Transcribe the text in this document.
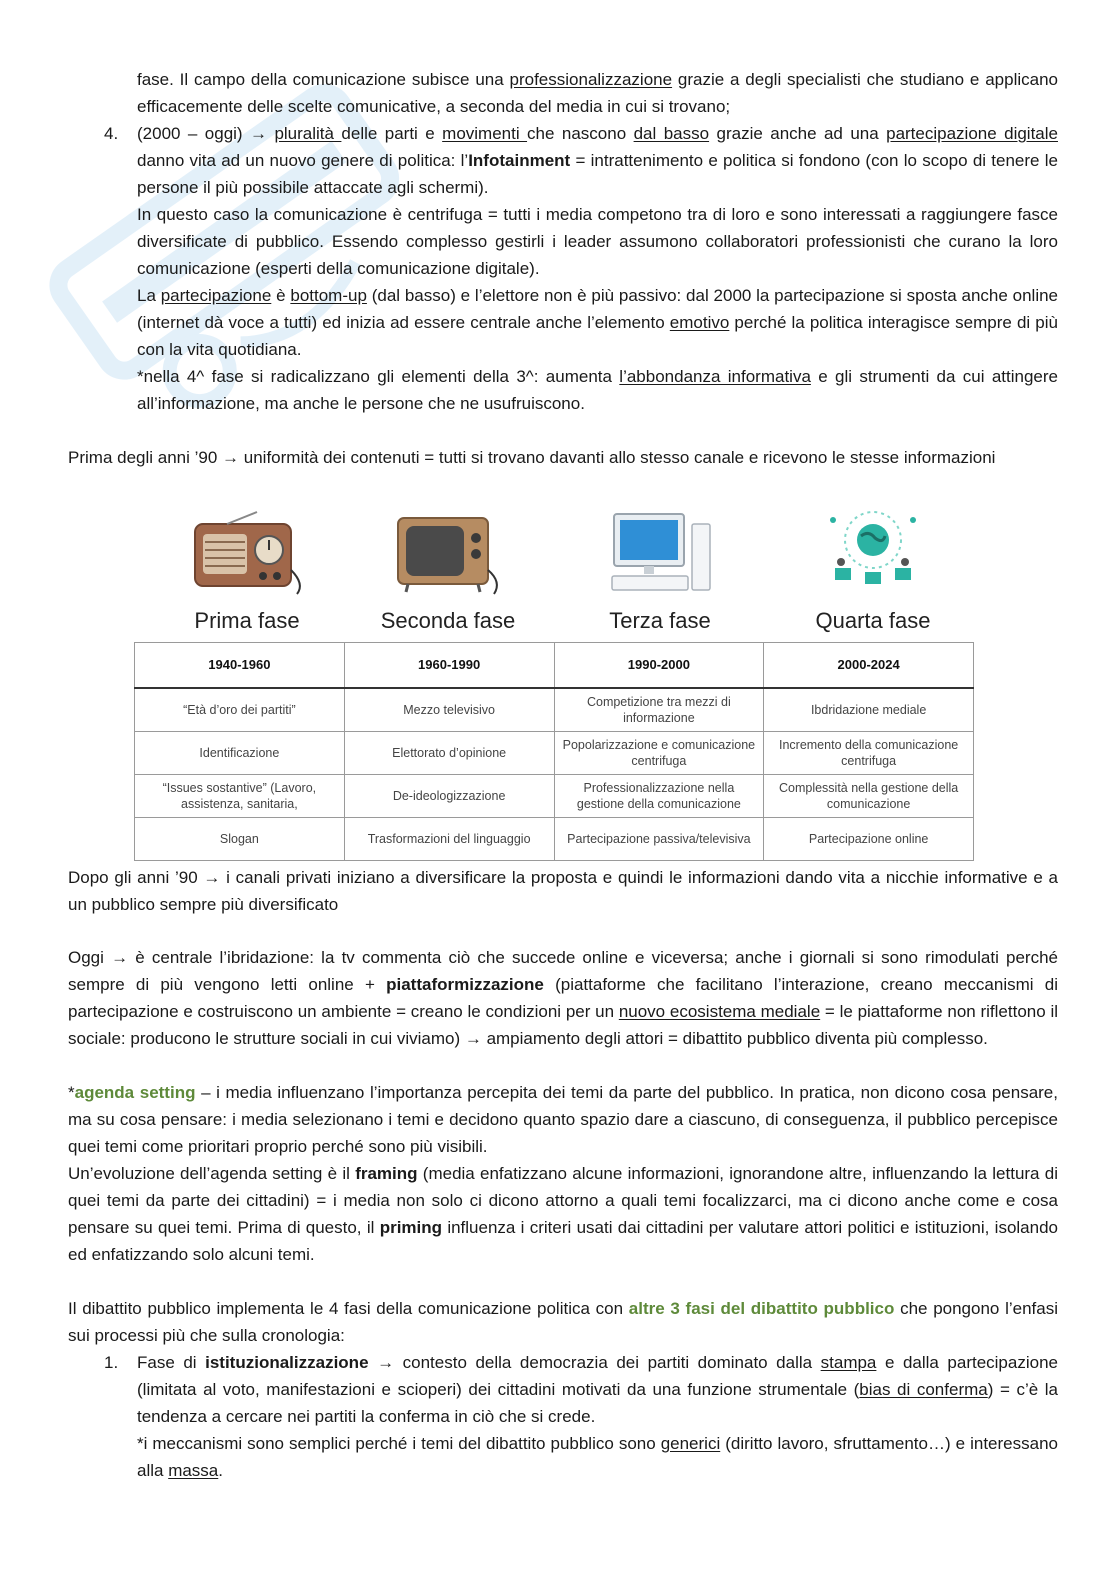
fase. Il campo della comunicazione subisce una professionalizzazione grazie a degli specialisti che studiano e applicano efficacemente delle scelte comunicative, a seconda del media in cui si trovano;
4. (2000 – oggi) → pluralità delle parti e movimenti che nascono dal basso grazie anche ad una partecipazione digitale danno vita ad un nuovo genere di politica: l’Infotainment = intrattenimento e politica si fondono (con lo scopo di tenere le persone il più possibile attaccate agli schermi).
In questo caso la comunicazione è centrifuga = tutti i media competono tra di loro e sono interessati a raggiungere fasce diversificate di pubblico. Essendo complesso gestirli i leader assumono collaboratori professionisti che curano la loro comunicazione (esperti della comunicazione digitale).
La partecipazione è bottom-up (dal basso) e l’elettore non è più passivo: dal 2000 la partecipazione si sposta anche online (internet dà voce a tutti) ed inizia ad essere centrale anche l’elemento emotivo perché la politica interagisce sempre di più con la vita quotidiana.
*nella 4^ fase si radicalizzano gli elementi della 3^: aumenta l’abbondanza informativa e gli strumenti da cui attingere all’informazione, ma anche le persone che ne usufruiscono.
Prima degli anni ’90 → uniformità dei contenuti = tutti si trovano davanti allo stesso canale e ricevono le stesse informazioni
Prima fase	Seconda fase	Terza fase	Quarta fase
1940-1960	1960-1990	1990-2000	2000-2024
“Età d’oro dei partiti”	Mezzo televisivo	Competizione tra mezzi di informazione	Ibdridazione mediale
Identificazione	Elettorato d’opinione	Popolarizzazione e comunicazione centrifuga	Incremento della comunicazione centrifuga
“Issues sostantive” (Lavoro, assistenza, sanitaria,	De-ideologizzazione	Professionalizzazione nella gestione della comunicazione	Complessità nella gestione della comunicazione
Slogan	Trasformazioni del linguaggio	Partecipazione passiva/televisiva	Partecipazione online
Dopo gli anni ’90 → i canali privati iniziano a diversificare la proposta e quindi le informazioni dando vita a nicchie informative e a un pubblico sempre più diversificato
Oggi → è centrale l’ibridazione: la tv commenta ciò che succede online e viceversa; anche i giornali si sono rimodulati perché sempre di più vengono letti online + piattaformizzazione (piattaforme che facilitano l’interazione, creano meccanismi di partecipazione e costruiscono un ambiente = creano le condizioni per un nuovo ecosistema mediale = le piattaforme non riflettono il sociale: producono le strutture sociali in cui viviamo) → ampiamento degli attori = dibattito pubblico diventa più complesso.
*agenda setting – i media influenzano l’importanza percepita dei temi da parte del pubblico. In pratica, non dicono cosa pensare, ma su cosa pensare: i media selezionano i temi e decidono quanto spazio dare a ciascuno, di conseguenza, il pubblico percepisce quei temi come prioritari proprio perché sono più visibili.
Un’evoluzione dell’agenda setting è il framing (media enfatizzano alcune informazioni, ignorandone altre, influenzando la lettura di quei temi da parte dei cittadini) = i media non solo ci dicono attorno a quali temi focalizzarci, ma ci dicono anche come e cosa pensare su quei temi. Prima di questo, il priming influenza i criteri usati dai cittadini per valutare attori politici e istituzioni, isolando ed enfatizzando solo alcuni temi.
Il dibattito pubblico implementa le 4 fasi della comunicazione politica con altre 3 fasi del dibattito pubblico che pongono l’enfasi sui processi più che sulla cronologia:
1. Fase di istituzionalizzazione → contesto della democrazia dei partiti dominato dalla stampa e dalla partecipazione (limitata al voto, manifestazioni e scioperi) dei cittadini motivati da una funzione strumentale (bias di conferma) = c’è la tendenza a cercare nei partiti la conferma in ciò che si crede.
*i meccanismi sono semplici perché i temi del dibattito pubblico sono generici (diritto lavoro, sfruttamento…) e interessano alla massa.
